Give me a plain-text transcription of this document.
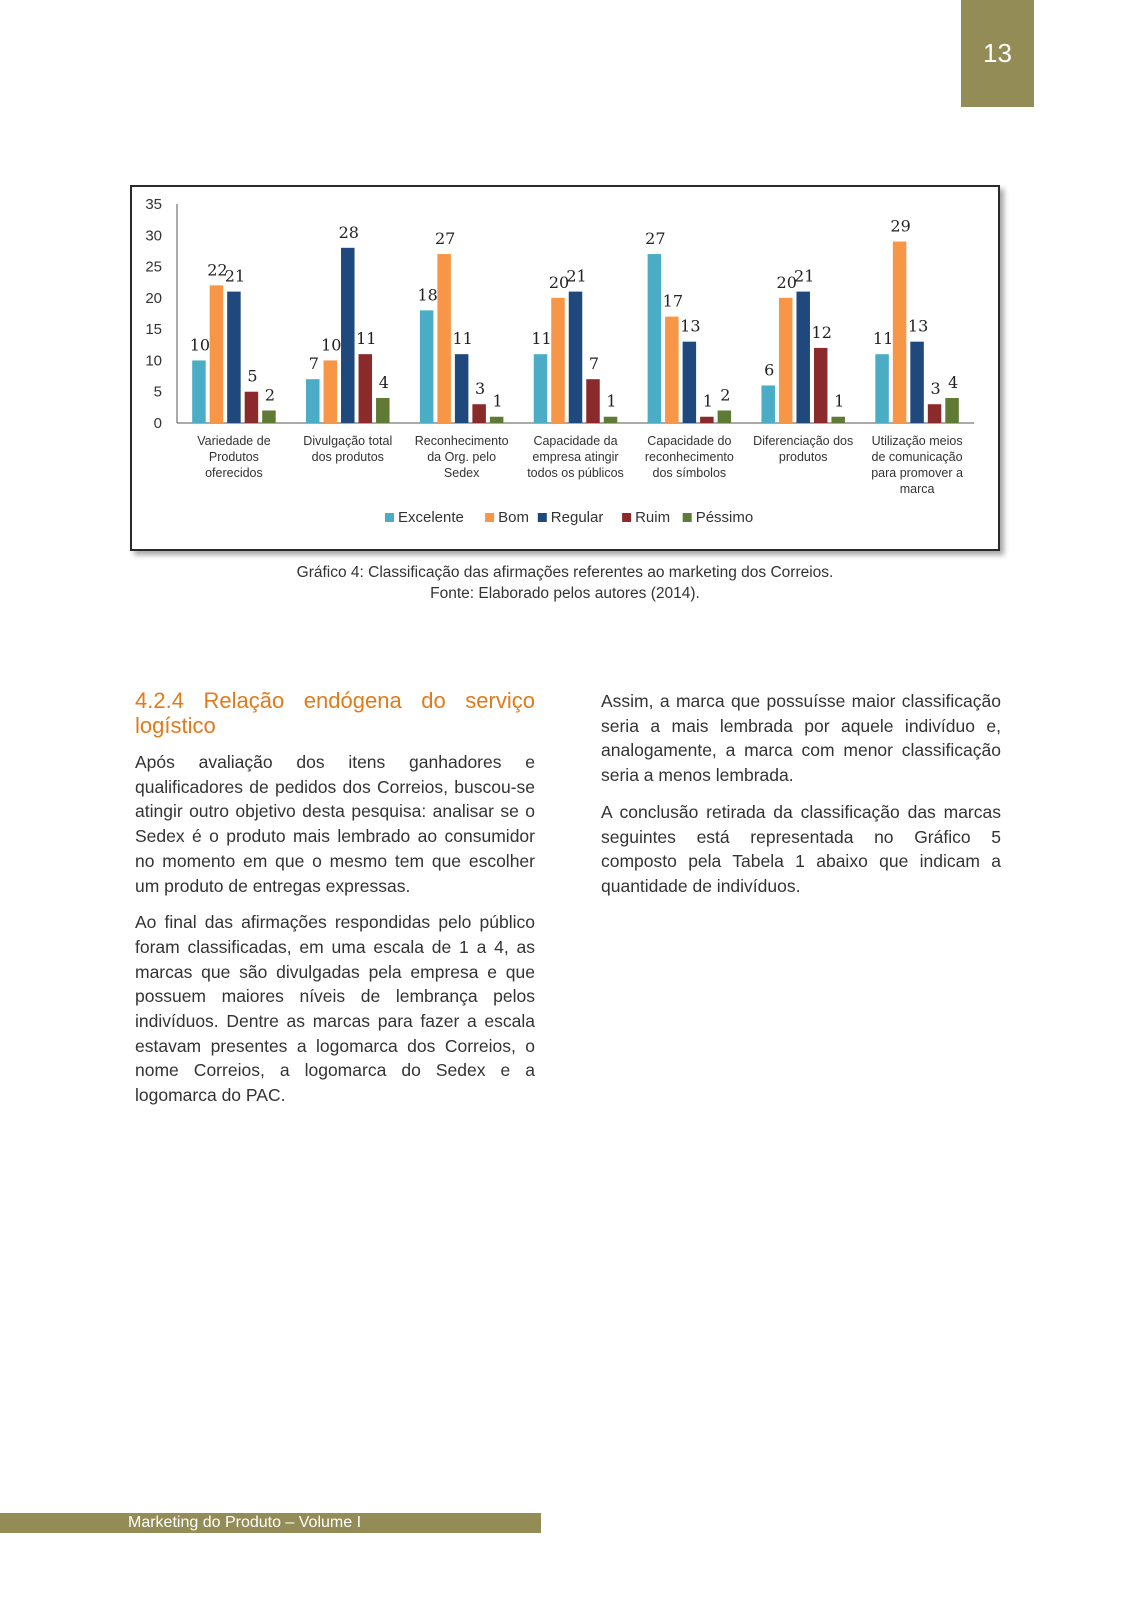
13
0
5
10
15
20
25
30
35
10
22
21
5
2
Variedade de
Produtos
oferecidos
7
10
28
11
4
Divulgação total
dos produtos
18
27
11
3
1
Reconhecimento
da Org. pelo
Sedex
11
20
21
7
1
Capacidade da
empresa atingir
todos os públicos
27
17
13
1 2
Capacidade do
reconhecimento
dos símbolos
6
20
21
12
1
Diferenciação dos
produtos
11
29
13
3 4
Utilização meios
de comunicação
para promover a
marca
Excelente Bom Regular Ruim Péssimo
Gráfico 4: Classificação das afirmações referentes ao marketing dos Correios.
Fonte: Elaborado pelos autores (2014).
4.2.4 Relação endógena do serviço logístico

Após avaliação dos itens ganhadores e qualificadores de pedidos dos Correios, buscou-se atingir outro objetivo desta pesquisa: analisar se o Sedex é o produto mais lembrado ao consumidor no momento em que o mesmo tem que escolher um produto de entregas expressas.

Ao final das afirmações respondidas pelo público foram classificadas, em uma escala de 1 a 4, as marcas que são divulgadas pela empresa e que possuem maiores níveis de lembrança pelos indivíduos. Dentre as marcas para fazer a escala estavam presentes a logomarca dos Correios, o nome Correios, a logomarca do Sedex e a logomarca do PAC.

Assim, a marca que possuísse maior classificação seria a mais lembrada por aquele indivíduo e, analogamente, a marca com menor classificação seria a menos lembrada.

A conclusão retirada da classificação das marcas seguintes está representada no Gráfico 5 composto pela Tabela 1 abaixo que indicam a quantidade de indivíduos.

Marketing do Produto – Volume I
